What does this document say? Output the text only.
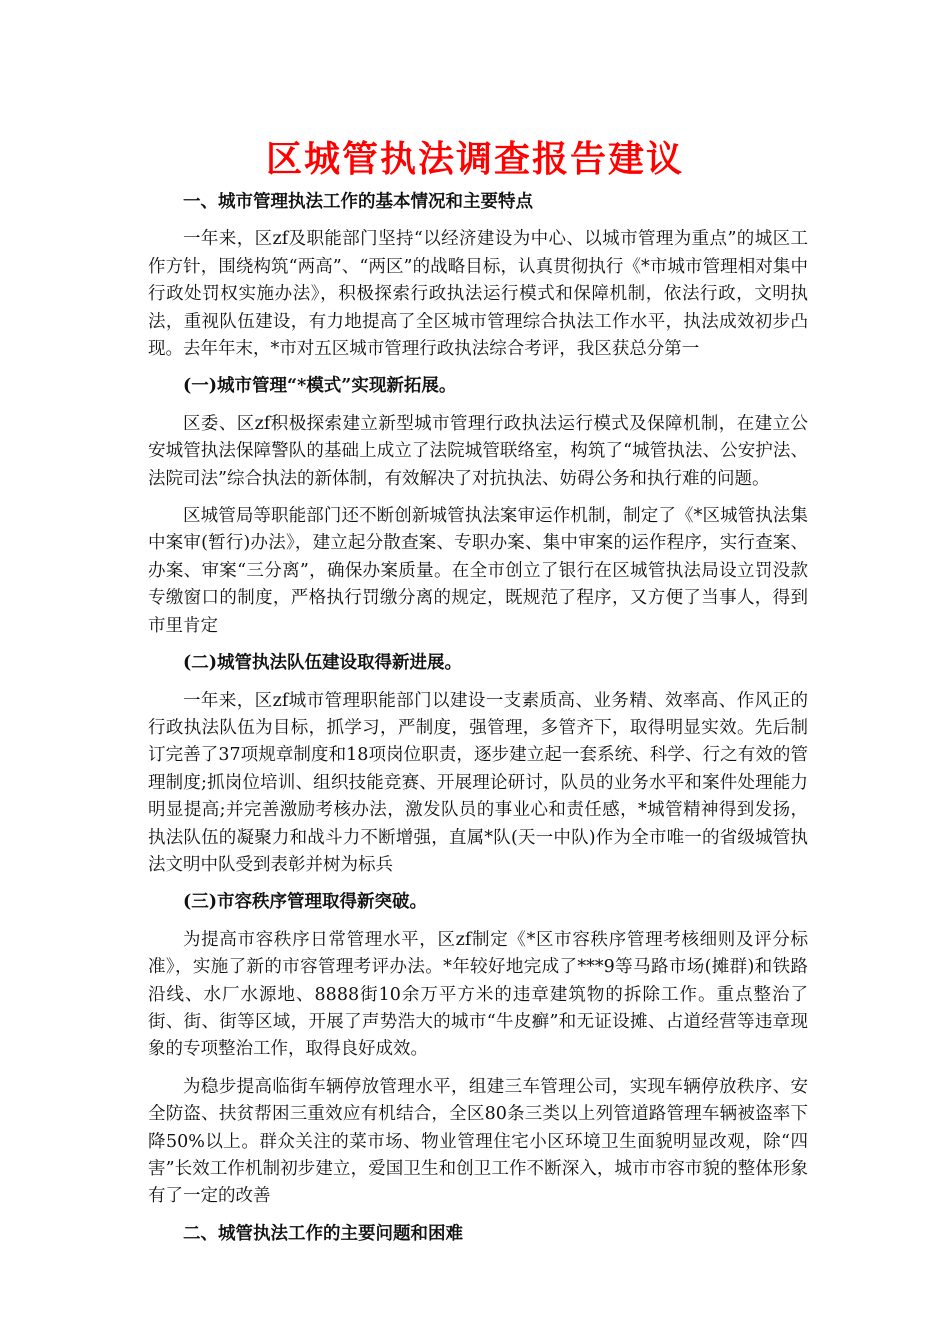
区城管执法调查报告建议
一、城市管理执法工作的基本情况和主要特点

一年来，区zf及职能部门坚持“以经济建设为中心、以城市管理为重点”的城区工作方针，围绕构筑“两高”、“两区”的战略目标，认真贯彻执行《*市城市管理相对集中行政处罚权实施办法》，积极探索行政执法运行模式和保障机制，依法行政，文明执法，重视队伍建设，有力地提高了全区城市管理综合执法工作水平，执法成效初步凸现。去年年末，*市对五区城市管理行政执法综合考评，我区获总分第一

(一)城市管理“*模式”实现新拓展。

区委、区zf积极探索建立新型城市管理行政执法运行模式及保障机制，在建立公安城管执法保障警队的基础上成立了法院城管联络室，构筑了“城管执法、公安护法、法院司法”综合执法的新体制，有效解决了对抗执法、妨碍公务和执行难的问题。

区城管局等职能部门还不断创新城管执法案审运作机制，制定了《*区城管执法集中案审(暂行)办法》，建立起分散查案、专职办案、集中审案的运作程序，实行查案、办案、审案“三分离”，确保办案质量。在全市创立了银行在区城管执法局设立罚没款专缴窗口的制度，严格执行罚缴分离的规定，既规范了程序，又方便了当事人，得到市里肯定

(二)城管执法队伍建设取得新进展。

一年来，区zf城市管理职能部门以建设一支素质高、业务精、效率高、作风正的行政执法队伍为目标，抓学习，严制度，强管理，多管齐下，取得明显实效。先后制订完善了37项规章制度和18项岗位职责，逐步建立起一套系统、科学、行之有效的管理制度;抓岗位培训、组织技能竞赛、开展理论研讨，队员的业务水平和案件处理能力明显提高;并完善激励考核办法，激发队员的事业心和责任感，*城管精神得到发扬，执法队伍的凝聚力和战斗力不断增强，直属*队(天一中队)作为全市唯一的省级城管执法文明中队受到表彰并树为标兵

(三)市容秩序管理取得新突破。

为提高市容秩序日常管理水平，区zf制定《*区市容秩序管理考核细则及评分标准》，实施了新的市容管理考评办法。*年较好地完成了***9等马路市场(摊群)和铁路沿线、水厂水源地、8888街10余万平方米的违章建筑物的拆除工作。重点整治了街、街、街等区域，开展了声势浩大的城市“牛皮癣”和无证设摊、占道经营等违章现象的专项整治工作，取得良好成效。

为稳步提高临街车辆停放管理水平，组建三车管理公司，实现车辆停放秩序、安全防盗、扶贫帮困三重效应有机结合，全区80条三类以上列管道路管理车辆被盗率下降50%以上。群众关注的菜市场、物业管理住宅小区环境卫生面貌明显改观，除“四害”长效工作机制初步建立，爱国卫生和创卫工作不断深入，城市市容市貌的整体形象有了一定的改善

二、城管执法工作的主要问题和困难
